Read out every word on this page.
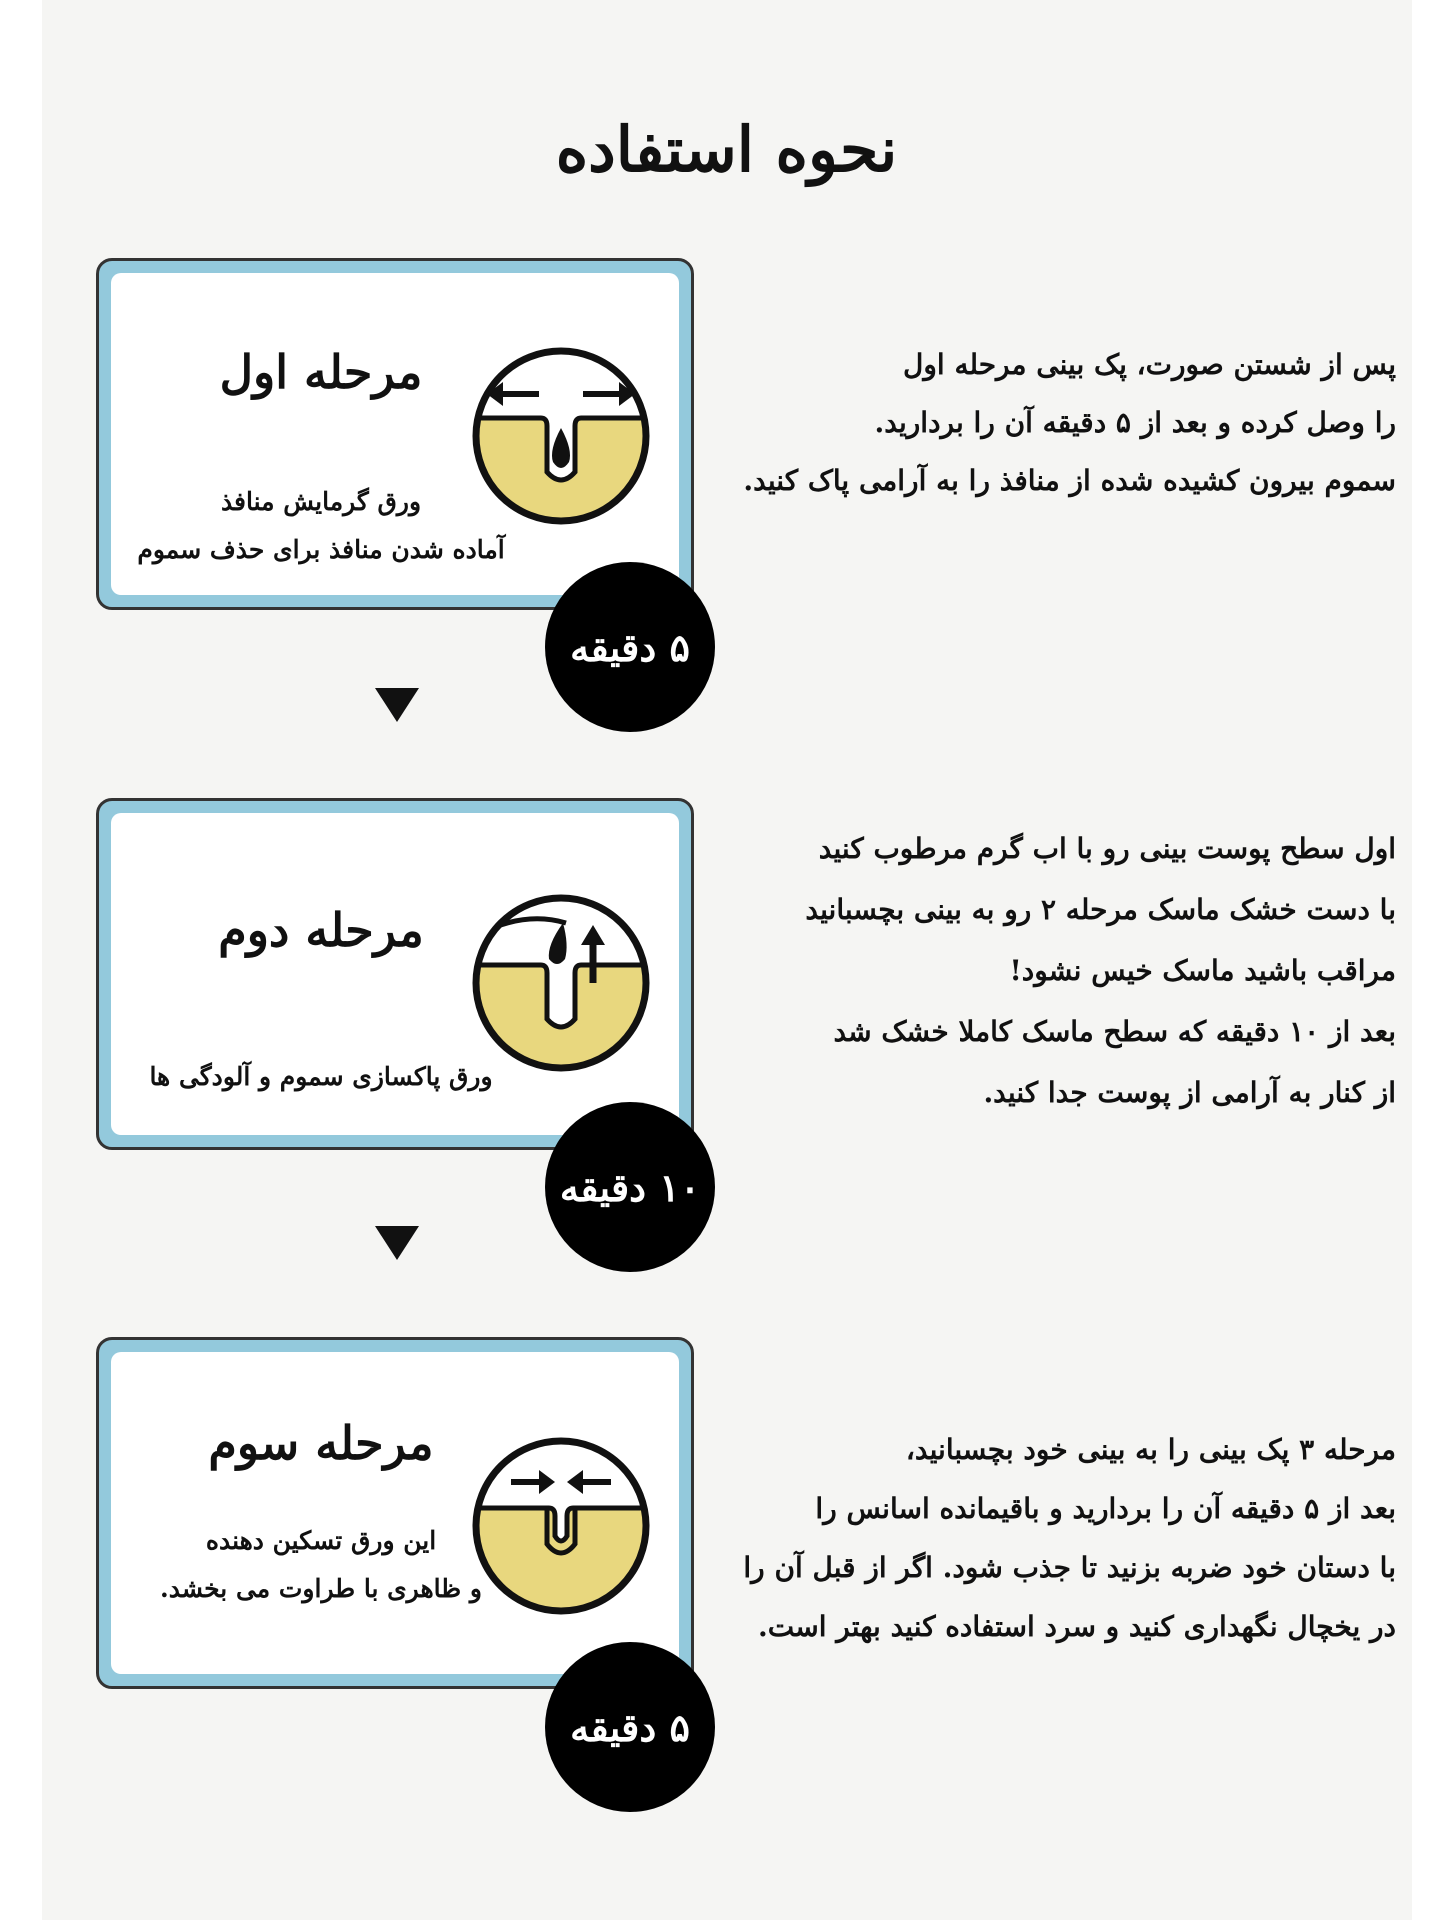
نحوه استفاده
مرحله اول
ورق گرمایش منافذ
آماده شدن منافذ برای حذف سموم
۵ دقیقه
پس از شستن صورت، پک بینی مرحله اول
را وصل کرده و بعد از ۵ دقیقه آن را بردارید.
سموم بیرون کشیده شده از منافذ را به آرامی پاک کنید.
مرحله دوم
ورق پاکسازی سموم و آلودگی ها
۱۰ دقیقه
اول سطح پوست بینی رو با اب گرم مرطوب کنید
با دست خشک ماسک مرحله ۲ رو به بینی بچسبانید
مراقب باشید ماسک خیس نشود!
بعد از ۱۰ دقیقه که سطح ماسک کاملا خشک شد
از کنار به آرامی از پوست جدا کنید.
مرحله سوم
این ورق تسکین دهنده
و ظاهری با طراوت می بخشد.
۵ دقیقه
مرحله ۳ پک بینی را به بینی خود بچسبانید،
بعد از ۵ دقیقه آن را بردارید و باقیمانده اسانس را
با دستان خود ضربه بزنید تا جذب شود. اگر از قبل آن را
در یخچال نگهداری کنید و سرد استفاده کنید بهتر است.
